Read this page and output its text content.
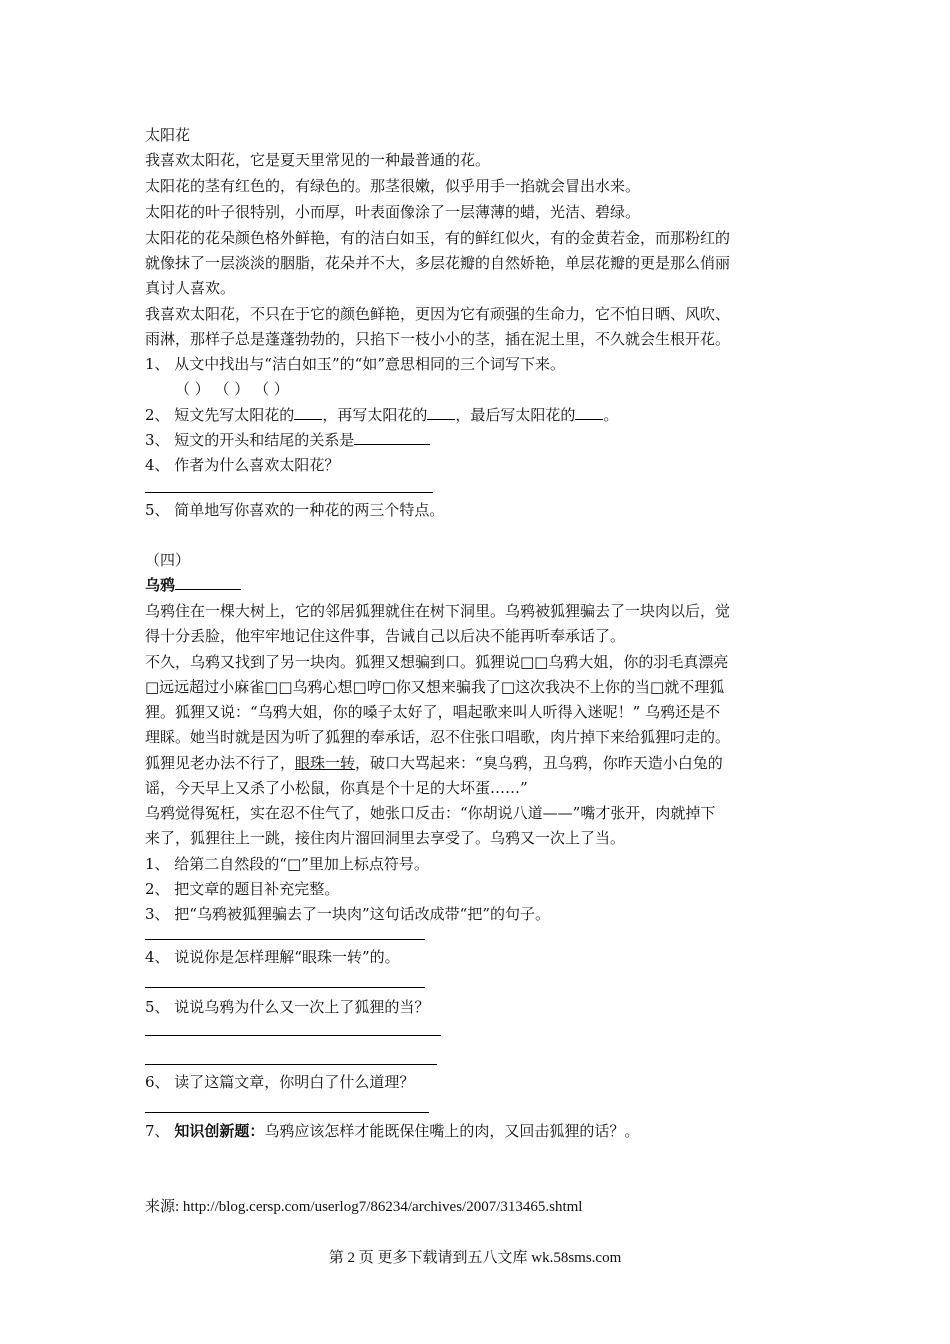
太阳花
我喜欢太阳花，它是夏天里常见的一种最普通的花。
太阳花的茎有红色的，有绿色的。那茎很嫩，似乎用手一掐就会冒出水来。
太阳花的叶子很特别，小而厚，叶表面像涂了一层薄薄的蜡，光洁、碧绿。
太阳花的花朵颜色格外鲜艳，有的洁白如玉，有的鲜红似火，有的金黄若金，而那粉红的
就像抹了一层淡淡的胭脂，花朵并不大，多层花瓣的自然娇艳，单层花瓣的更是那么俏丽
真讨人喜欢。
我喜欢太阳花，不只在于它的颜色鲜艳，更因为它有顽强的生命力，它不怕日晒、风吹、
雨淋，那样子总是蓬蓬勃勃的，只掐下一枝小小的茎，插在泥土里，不久就会生根开花。
1、 从文中找出与“洁白如玉”的“如”意思相同的三个词写下来。
（ ） （ ） （ ）
2、 短文先写太阳花的 ，再写太阳花的 ，最后写太阳花的 。
3、 短文的开头和结尾的关系是
4、 作者为什么喜欢太阳花？
5、 简单地写你喜欢的一种花的两三个特点。
（四）
乌鸦
乌鸦住在一棵大树上，它的邻居狐狸就住在树下洞里。乌鸦被狐狸骗去了一块肉以后，觉
得十分丢脸，他牢牢地记住这件事，告诫自己以后决不能再听奉承话了。
不久，乌鸦又找到了另一块肉。狐狸又想骗到口。狐狸说□□乌鸦大姐，你的羽毛真漂亮
□远远超过小麻雀□□乌鸦心想□哼□你又想来骗我了□这次我决不上你的当□就不理狐
狸。狐狸又说：“乌鸦大姐，你的嗓子太好了，唱起歌来叫人听得入迷呢！” 乌鸦还是不
理睬。她当时就是因为听了狐狸的奉承话，忍不住张口唱歌，肉片掉下来给狐狸叼走的。
狐狸见老办法不行了，眼珠一转，破口大骂起来：“臭乌鸦，丑乌鸦，你昨天造小白兔的
谣，今天早上又杀了小松鼠，你真是个十足的大坏蛋……”
乌鸦觉得冤枉，实在忍不住气了，她张口反击：“你胡说八道——”嘴才张开，肉就掉下
来了，狐狸往上一跳，接住肉片溜回洞里去享受了。乌鸦又一次上了当。
1、 给第二自然段的“□”里加上标点符号。
2、 把文章的题目补充完整。
3、 把“乌鸦被狐狸骗去了一块肉”这句话改成带“把”的句子。
4、 说说你是怎样理解“眼珠一转”的。
5、 说说乌鸦为什么又一次上了狐狸的当？
6、 读了这篇文章，你明白了什么道理？
7、 知识创新题：乌鸦应该怎样才能既保住嘴上的肉，又回击狐狸的话？。
来源: http://blog.cersp.com/userlog7/86234/archives/2007/313465.shtml
第 2 页 更多下载请到五八文库 wk.58sms.com
